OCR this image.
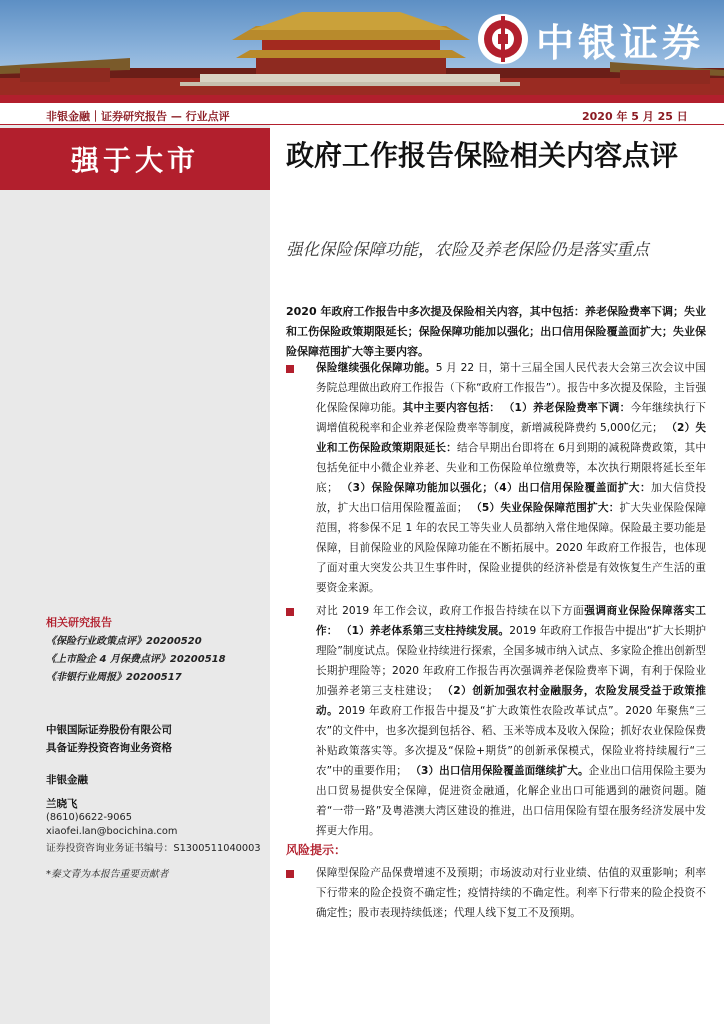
中银证券
非银金融｜证券研究报告 — 行业点评	2020 年 5 月 25 日
强于大市	政府工作报告保险相关内容点评
强化保险保障功能，农险及养老保险仍是落实重点
2020 年政府工作报告中多次提及保险相关内容，其中包括：养老保险费率下调；失业和工伤保险政策期限延长；保险保障功能加以强化；出口信用保险覆盖面扩大；失业保险保障范围扩大等主要内容。
保险继续强化保障功能。5 月 22 日，第十三届全国人民代表大会第三次会议中国务院总理做出政府工作报告（下称“政府工作报告”）。报告中多次提及保险，主旨强化保险保障功能。其中主要内容包括： （1）养老保险费率下调：今年继续执行下调增值税税率和企业养老保险费率等制度，新增减税降费约 5,000亿元； （2）失业和工伤保险政策期限延长：结合早期出台即将在 6月到期的减税降费政策，其中包括免征中小微企业养老、失业和工伤保险单位缴费等，本次执行期限将延长至年底； （3）保险保障功能加以强化；（4）出口信用保险覆盖面扩大：加大信贷投放，扩大出口信用保险覆盖面； （5）失业保险保障范围扩大：扩大失业保险保障范围，将参保不足 1 年的农民工等失业人员都纳入常住地保障。保险最主要功能是保障，目前保险业的风险保障功能在不断拓展中。2020 年政府工作报告，也体现了面对重大突发公共卫生事件时，保险业提供的经济补偿是有效恢复生产生活的重要资金来源。
对比 2019 年工作会议，政府工作报告持续在以下方面强调商业保险保障落实工作： （1）养老体系第三支柱持续发展。2019 年政府工作报告中提出“扩大长期护理险”制度试点。保险业持续进行探索，全国多城市纳入试点、多家险企推出创新型长期护理险等；2020 年政府工作报告再次强调养老保险费率下调，有利于保险业加强养老第三支柱建设； （2）创新加强农村金融服务，农险发展受益于政策推动。2019 年政府工作报告中提及“扩大政策性农险改革试点”。2020 年聚焦“三农”的文件中，也多次提到包括谷、稻、玉米等成本及收入保险；抓好农业保险保费补贴政策落实等。多次提及“保险+期货”的创新承保模式，保险业将持续履行“三农”中的重要作用； （3）出口信用保险覆盖面继续扩大。企业出口信用保险主要为出口贸易提供安全保障，促进资金融通，化解企业出口可能遇到的融资问题。随着“一带一路”及粤港澳大湾区建设的推进，出口信用保险有望在服务经济发展中发挥更大作用。
风险提示：
保障型保险产品保费增速不及预期；市场波动对行业业绩、估值的双重影响；利率下行带来的险企投资不确定性；疫情持续的不确定性。利率下行带来的险企投资不确定性；股市表现持续低迷；代理人线下复工不及预期。
相关研究报告
《保险行业政策点评》20200520
《上市险企 4 月保费点评》20200518
《非银行业周报》20200517
中银国际证券股份有限公司
具备证券投资咨询业务资格
非银金融
兰晓飞
(8610)6622-9065
xiaofei.lan@bocichina.com
证券投资咨询业务证书编号：S1300511040003
*秦文青为本报告重要贡献者
